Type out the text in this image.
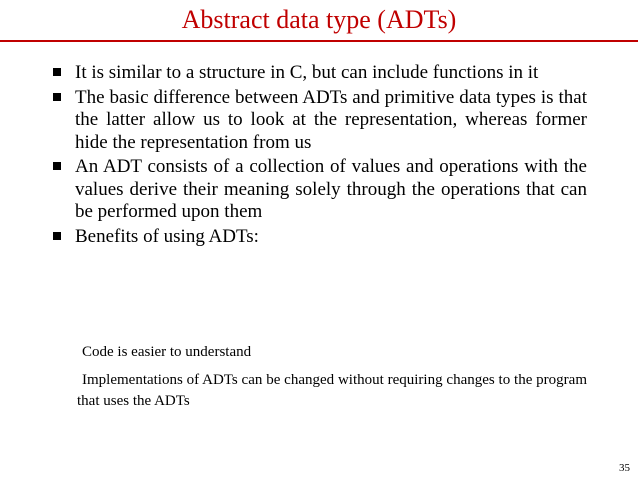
Abstract data type (ADTs)
It is similar to a structure in C, but can include functions in it
The basic difference between ADTs and primitive data types is that the latter allow us to look at the representation, whereas former hide the representation from us
An ADT consists of a collection of values and operations with the values derive their meaning solely through the operations that can be performed upon them
Benefits of using ADTs:

Code is easier to understand

Implementations of ADTs can be changed without requiring changes to the program that uses the ADTs

35
